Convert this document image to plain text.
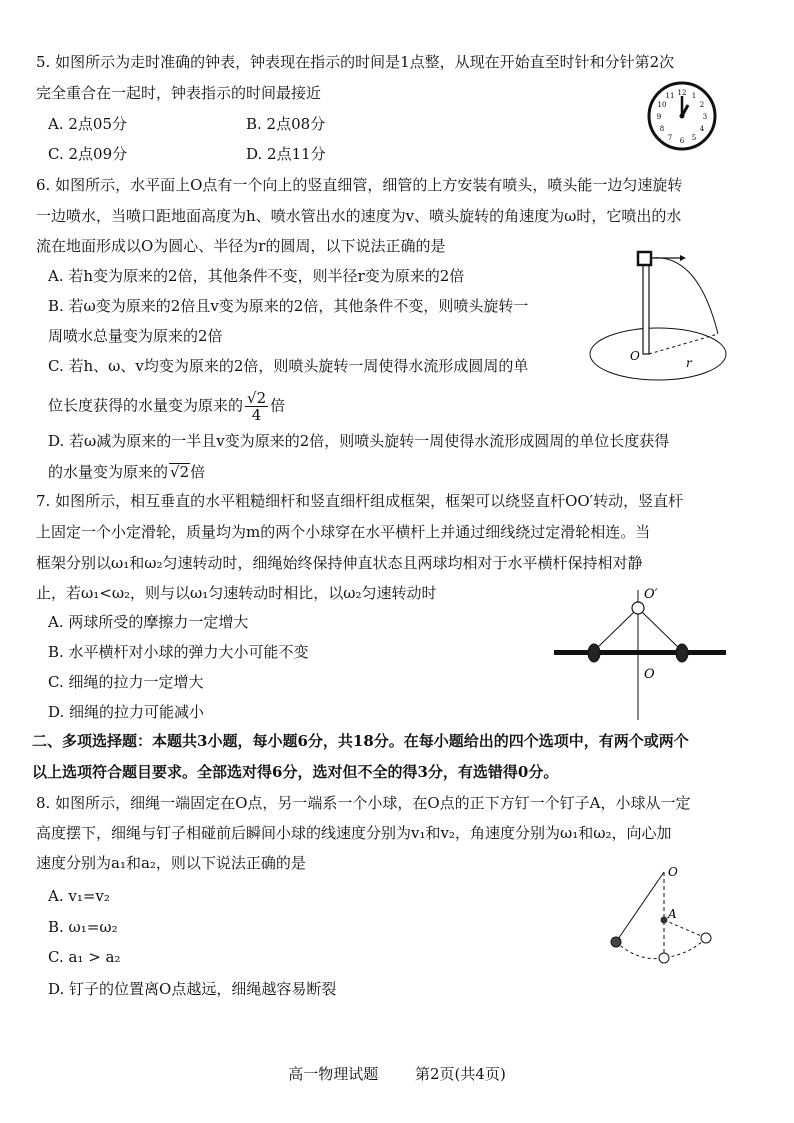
5. 如图所示为走时准确的钟表，钟表现在指示的时间是1点整，从现在开始直至时针和分针第2次
完全重合在一起时，钟表指示的时间最接近
A. 2点05分	B. 2点08分
C. 2点09分	D. 2点11分
12 1
2
3
4
5
6
7
8
9
10
11
6. 如图所示，水平面上O点有一个向上的竖直细管，细管的上方安装有喷头，喷头能一边匀速旋转
一边喷水，当喷口距地面高度为h、喷水管出水的速度为v、喷头旋转的角速度为ω时，它喷出的水
流在地面形成以O为圆心、半径为r的圆周，以下说法正确的是
A. 若h变为原来的2倍，其他条件不变，则半径r变为原来的2倍
B. 若ω变为原来的2倍且v变为原来的2倍，其他条件不变，则喷头旋转一
周喷水总量变为原来的2倍
C. 若h、ω、v均变为原来的2倍，则喷头旋转一周使得水流形成圆周的单
位长度获得的水量变为原来的 $\frac{√2}{4}$ 倍
D. 若ω减为原来的一半且v变为原来的2倍，则喷头旋转一周使得水流形成圆周的单位长度获得
的水量变为原来的 √2倍
O	r
7. 如图所示，相互垂直的水平粗糙细杆和竖直细杆组成框架，框架可以绕竖直杆OO′转动，竖直杆
上固定一个小定滑轮，质量均为m的两个小球穿在水平横杆上并通过细线绕过定滑轮相连。当
框架分别以ω₁和ω₂匀速转动时，细绳始终保持伸直状态且两球均相对于水平横杆保持相对静
止，若ω₁<ω₂，则与以ω₁匀速转动时相比，以ω₂匀速转动时
A. 两球所受的摩擦力一定增大
B. 水平横杆对小球的弹力大小可能不变
C. 细绳的拉力一定增大
D. 细绳的拉力可能减小
O′
O
二、多项选择题：本题共3小题，每小题6分，共18分。在每小题给出的四个选项中，有两个或两个
以上选项符合题目要求。全部选对得6分，选对但不全的得3分，有选错得0分。
8. 如图所示，细绳一端固定在O点，另一端系一个小球，在O点的正下方钉一个钉子A，小球从一定
高度摆下，细绳与钉子相碰前后瞬间小球的线速度分别为v₁和v₂，角速度分别为ω₁和ω₂，向心加
速度分别为a₁和a₂，则以下说法正确的是
A. v₁=v₂
B. ω₁=ω₂
C. a₁ > a₂
D. 钉子的位置离O点越远，细绳越容易断裂
O
A
高一物理试题 第2页(共4页)
